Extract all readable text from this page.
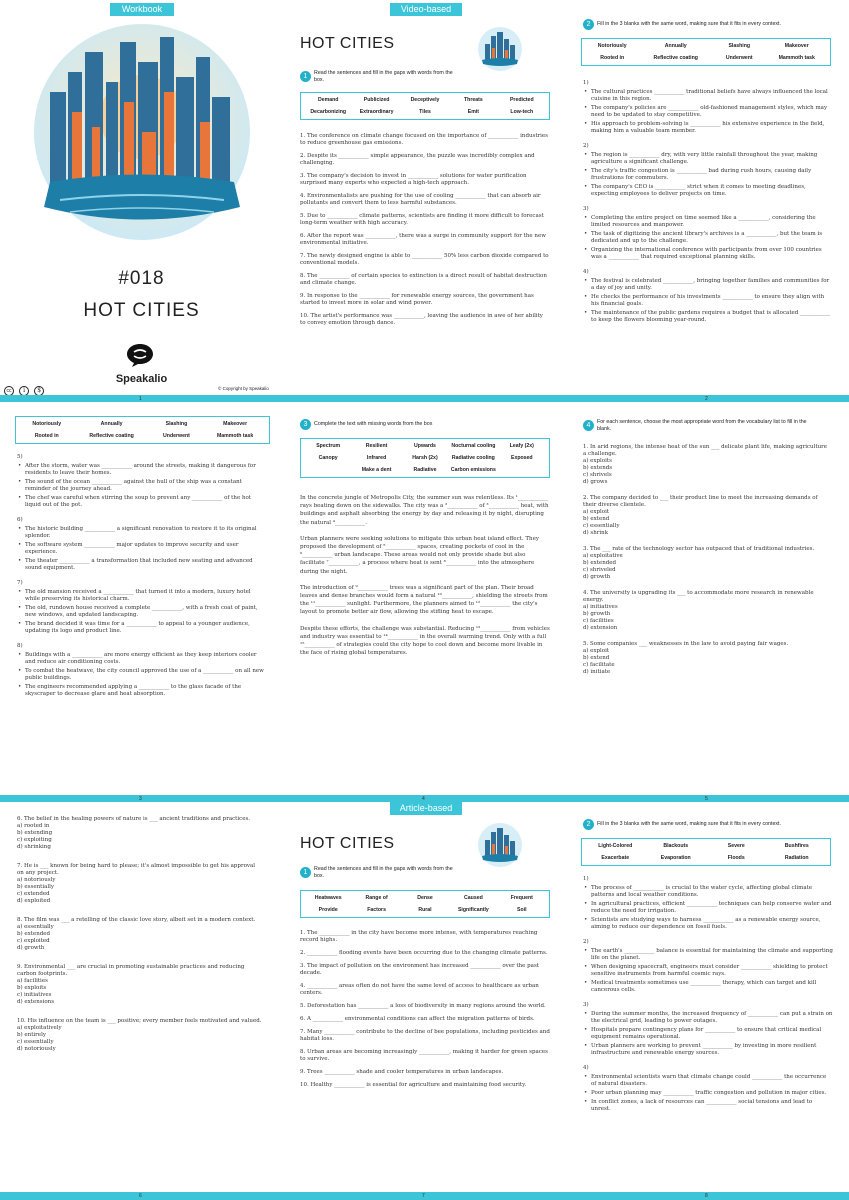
Workbook	Video-based
#018
HOT CITIES
Speakalio
cc i $	© Copyright by Speakalio
HOT CITIES
1 Read the sentences and fill in the gaps with words from the box.
Demand	Publicized	Deceptively	Threats	Predicted
Decarbonizing	Extraordinary	Tiles	Emit	Low-tech

1. The conference on climate change focused on the importance of ___________ industries to reduce greenhouse gas emissions.

2. Despite its ___________ simple appearance, the puzzle was incredibly complex and challenging.

3. The company's decision to invest in ___________ solutions for water purification surprised many experts who expected a high-tech approach.

4. Environmentalists are pushing for the use of cooling ___________ that can absorb air pollutants and convert them to less harmful substances.

5. Due to ___________ climate patterns, scientists are finding it more difficult to forecast long-term weather with high accuracy.

6. After the report was ___________, there was a surge in community support for the new environmental initiative.

7. The newly designed engine is able to ___________ 50% less carbon dioxide compared to conventional models.

8. The ___________ of certain species to extinction is a direct result of habitat destruction and climate change.

9. In response to the ___________ for renewable energy sources, the government has started to invest more in solar and wind power.

10. The artist's performance was ___________, leaving the audience in awe of her ability to convey emotion through dance.

2 Fill in the 3 blanks with the same word, making sure that it fits in every context.
Notoriously	Annually	Slashing	Makeover
Rooted in	Reflective coating	Underwent	Mammoth task
1)
• The cultural practices ___________ traditional beliefs have always influenced the local cuisine in this region.
• The company's policies are ___________ old-fashioned management styles, which may need to be updated to stay competitive.
• His approach to problem-solving is ___________ his extensive experience in the field, making him a valuable team member.
2)
• The region is ___________ dry, with very little rainfall throughout the year, making agriculture a significant challenge.
• The city's traffic congestion is ___________ bad during rush hours, causing daily frustrations for commuters.
• The company's CEO is ___________ strict when it comes to meeting deadlines, expecting employees to deliver projects on time.
3)
• Completing the entire project on time seemed like a ___________, considering the limited resources and manpower.
• The task of digitizing the ancient library's archives is a ___________, but the team is dedicated and up to the challenge.
• Organizing the international conference with participants from over 100 countries was a ___________ that required exceptional planning skills.
4)
• The festival is celebrated ___________, bringing together families and communities for a day of joy and unity.
• He checks the performance of his investments ___________ to ensure they align with his financial goals.
• The maintenance of the public gardens requires a budget that is allocated ___________ to keep the flowers blooming year-round.
1	2
Notoriously	Annually	Slashing	Makeover
Rooted in	Reflective coating	Underwent	Mammoth task
5)
• After the storm, water was ___________ around the streets, making it dangerous for residents to leave their homes.
• The sound of the ocean ___________ against the hull of the ship was a constant reminder of the journey ahead.
• The chef was careful when stirring the soup to prevent any ___________ of the hot liquid out of the pot.
6)
• The historic building ___________ a significant renovation to restore it to its original splendor.
• The software system ___________ major updates to improve security and user experience.
• The theater ___________ a transformation that included new seating and advanced sound equipment.
7)
• The old mansion received a ___________ that turned it into a modern, luxury hotel while preserving its historical charm.
• The old, rundown house received a complete ___________, with a fresh coat of paint, new windows, and updated landscaping.
• The brand decided it was time for a ___________ to appeal to a younger audience, updating its logo and product line.
8)
• Buildings with a ___________ are more energy efficient as they keep interiors cooler and reduce air conditioning costs.
• To combat the heatwave, the city council approved the use of a ___________ on all new public buildings.
• The engineers recommended applying a ___________ to the glass facade of the skyscraper to decrease glare and heat absorption.
3 Complete the text with missing words from the box
Spectrum	Resilient	Upwards	Nocturnal cooling	Leafy (2x)
Canopy	Infrared	Harsh (2x)	Radiative cooling	Exposed
Make a dent	Radiative	Carbon emissions

In the concrete jungle of Metropolis City, the summer sun was relentless. Its ¹___________ rays beating down on the sidewalks. The city was a ²___________ of ³___________ heat, with buildings and asphalt absorbing the energy by day and releasing it by night, disrupting the natural ⁴___________.

Urban planners were seeking solutions to mitigate this urban heat island effect. They proposed the development of ⁵___________ spaces, creating pockets of cool in the ⁶___________ urban landscape. These areas would not only provide shade but also facilitate ⁷___________, a process where heat is sent ⁸___________ into the atmosphere during the night.

The introduction of ⁹___________ trees was a significant part of the plan. Their broad leaves and dense branches would form a natural ¹⁰___________, shielding the streets from the ¹¹___________ sunlight. Furthermore, the planners aimed to ¹²___________ the city's layout to promote better air flow, allowing the stifling heat to escape.

Despite these efforts, the challenge was substantial. Reducing ¹³___________ from vehicles and industry was essential to ¹⁴___________ in the overall warming trend. Only with a full ¹⁵___________ of strategies could the city hope to cool down and become more livable in the face of rising global temperatures.

4 For each sentence, choose the most appropriate word from the vocabulary list to fill in the blank.
1. In arid regions, the intense heat of the sun ___ delicate plant life, making agriculture a challenge.
a) exploits
b) extends
c) shrivels
d) grows
2. The company decided to ___ their product line to meet the increasing demands of their diverse clientele.
a) exploit
b) extend
c) essentially
d) shrink
3. The ___ rate of the technology sector has outpaced that of traditional industries.
a) exploitative
b) extended
c) shriveled
d) growth
4. The university is upgrading its ___ to accommodate more research in renewable energy.
a) initiatives
b) growth
c) facilities
d) extension
5. Some companies ___ weaknesses in the law to avoid paying fair wages.
a) exploit
b) extend
c) facilitate
d) initiate
3	4	5
Article-based
6. The belief in the healing powers of nature is ___ ancient traditions and practices.
a) rooted in
b) extending
c) exploiting
d) shrinking
7. He is ___ known for being hard to please; it's almost impossible to get his approval on any project.
a) notoriously
b) essentially
c) extended
d) exploited
8. The film was ___ a retelling of the classic love story, albeit set in a modern context.
a) essentially
b) extended
c) exploited
d) growth
9. Environmental ___ are crucial in promoting sustainable practices and reducing carbon footprints.
a) facilities
b) exploits
c) initiatives
d) extensions
10. His influence on the team is ___ positive; every member feels motivated and valued.
a) exploitatively
b) entirely
c) essentially
d) notoriously
HOT CITIES
1 Read the sentences and fill in the gaps with words from the box.
Heatwaves	Range of	Dense	Caused	Frequent
Provide	Factors	Rural	Significantly	Soil

1. The ___________ in the city have become more intense, with temperatures reaching record highs.

2. ___________ flooding events have been occurring due to the changing climate patterns.

3. The impact of pollution on the environment has increased ___________ over the past decade.

4. ___________ areas often do not have the same level of access to healthcare as urban centers.

5. Deforestation has ___________ a loss of biodiversity in many regions around the world.

6. A ___________ environmental conditions can affect the migration patterns of birds.

7. Many ___________ contribute to the decline of bee populations, including pesticides and habitat loss.

8. Urban areas are becoming increasingly ___________, making it harder for green spaces to survive.

9. Trees ___________ shade and cooler temperatures in urban landscapes.

10. Healthy ___________ is essential for agriculture and maintaining food security.

2 Fill in the 3 blanks with the same word, making sure that it fits in every context.
Light-Colored	Blackouts	Severe	Bushfires
Exacerbate	Evaporation	Floods	Radiation
1)
• The process of ___________ is crucial to the water cycle, affecting global climate patterns and local weather conditions.
• In agricultural practices, efficient ___________ techniques can help conserve water and reduce the need for irrigation.
• Scientists are studying ways to harness ___________ as a renewable energy source, aiming to reduce our dependence on fossil fuels.
2)
• The earth's ___________ balance is essential for maintaining the climate and supporting life on the planet.
• When designing spacecraft, engineers must consider ___________ shielding to protect sensitive instruments from harmful cosmic rays.
• Medical treatments sometimes use ___________ therapy, which can target and kill cancerous cells.
3)
• During the summer months, the increased frequency of ___________ can put a strain on the electrical grid, leading to power outages.
• Hospitals prepare contingency plans for ___________ to ensure that critical medical equipment remains operational.
• Urban planners are working to prevent ___________ by investing in more resilient infrastructure and renewable energy sources.
4)
• Environmental scientists warn that climate change could ___________ the occurrence of natural disasters.
• Poor urban planning may ___________ traffic congestion and pollution in major cities.
• In conflict zones, a lack of resources can ___________ social tensions and lead to unrest.
6	7	8
